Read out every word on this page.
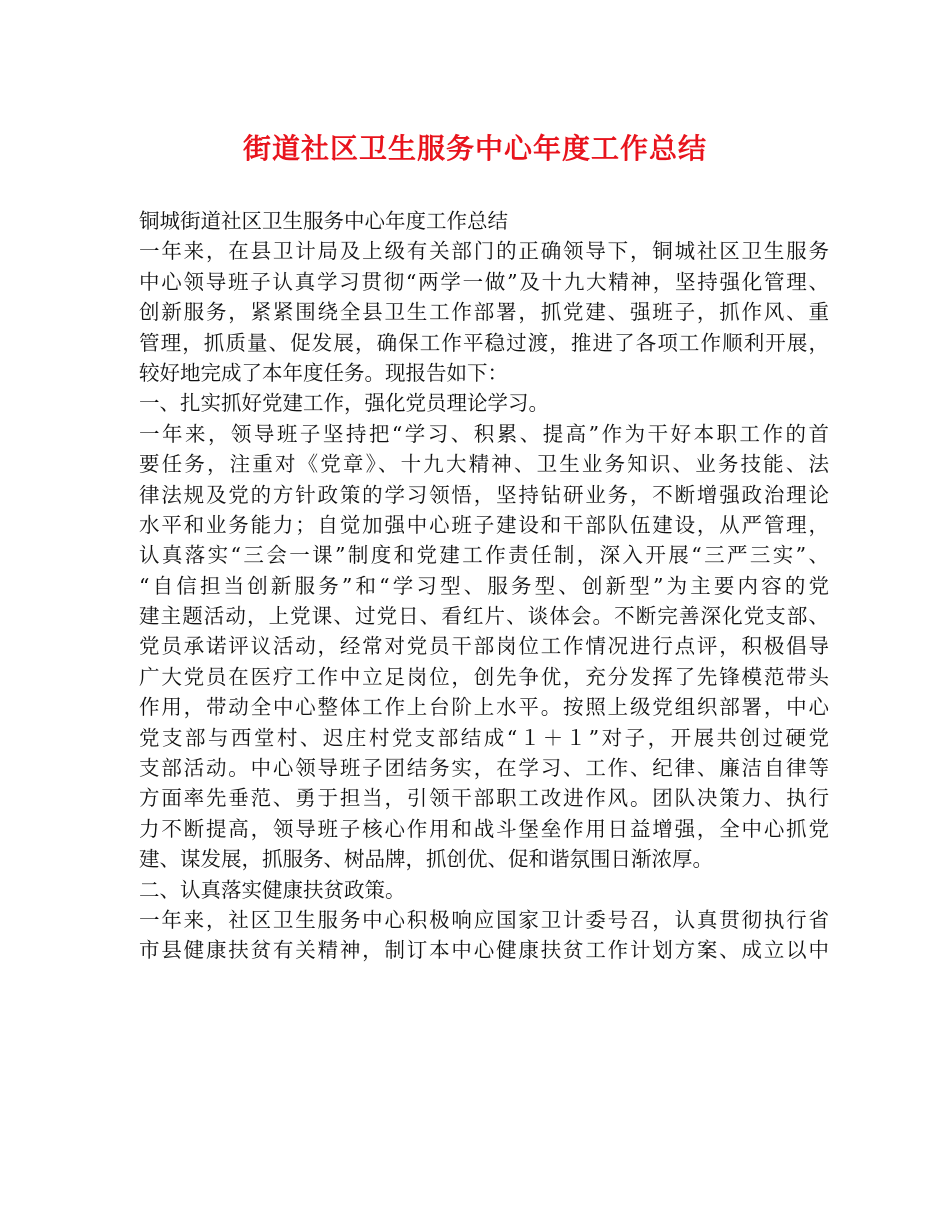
街道社区卫生服务中心年度工作总结
铜城街道社区卫生服务中心年度工作总结
一年来，在县卫计局及上级有关部门的正确领导下，铜城社区卫生服务
中心领导班子认真学习贯彻“两学一做”及十九大精神，坚持强化管理、
创新服务，紧紧围绕全县卫生工作部署，抓党建、强班子，抓作风、重
管理，抓质量、促发展，确保工作平稳过渡，推进了各项工作顺利开展，
较好地完成了本年度任务。现报告如下：
一、扎实抓好党建工作，强化党员理论学习。
一年来，领导班子坚持把“学习、积累、提高”作为干好本职工作的首
要任务，注重对《党章》、十九大精神、卫生业务知识、业务技能、法
律法规及党的方针政策的学习领悟，坚持钻研业务，不断增强政治理论
水平和业务能力；自觉加强中心班子建设和干部队伍建设，从严管理，
认真落实“三会一课”制度和党建工作责任制，深入开展“三严三实”、
“自信担当创新服务”和“学习型、服务型、创新型”为主要内容的党
建主题活动，上党课、过党日、看红片、谈体会。不断完善深化党支部、
党员承诺评议活动，经常对党员干部岗位工作情况进行点评，积极倡导
广大党员在医疗工作中立足岗位，创先争优，充分发挥了先锋模范带头
作用，带动全中心整体工作上台阶上水平。按照上级党组织部署，中心
党支部与西堂村、迟庄村党支部结成“１＋１”对子，开展共创过硬党
支部活动。中心领导班子团结务实，在学习、工作、纪律、廉洁自律等
方面率先垂范、勇于担当，引领干部职工改进作风。团队决策力、执行
力不断提高，领导班子核心作用和战斗堡垒作用日益增强，全中心抓党
建、谋发展，抓服务、树品牌，抓创优、促和谐氛围日渐浓厚。
二、认真落实健康扶贫政策。
一年来，社区卫生服务中心积极响应国家卫计委号召，认真贯彻执行省
市县健康扶贫有关精神，制订本中心健康扶贫工作计划方案、成立以中
